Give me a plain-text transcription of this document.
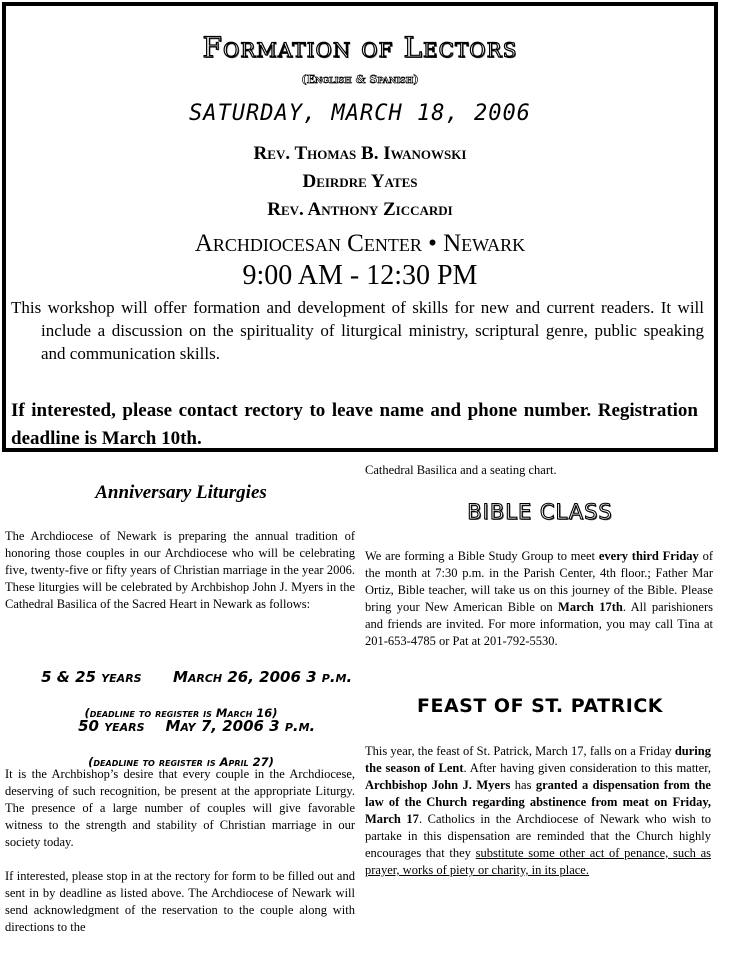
Formation of Lectors
(English & Spanish)
SATURDAY, MARCH 18, 2006
Rev. Thomas B. Iwanowski
Deirdre Yates
Rev. Anthony Ziccardi
Archdiocesan Center • Newark
9:00 AM - 12:30 PM
This workshop will offer formation and development of skills for new and current readers. It will include a discussion on the spirituality of liturgical ministry, scriptural genre, public speaking and communication skills.
If interested, please contact rectory to leave name and phone number. Registration deadline is March 10th.
Anniversary Liturgies
The Archdiocese of Newark is preparing the annual tradition of honoring those couples in our Archdiocese who will be celebrating five, twenty-five or fifty years of Christian marriage in the year 2006. These liturgies will be celebrated by Archbishop John J. Myers in the Cathedral Basilica of the Sacred Heart in Newark as follows:

5 & 25 years March 26, 2006 3 p.m.

(deadline to register is March 16)

50 years May 7, 2006 3 p.m.

(deadline to register is April 27)
It is the Archbishop’s desire that every couple in the Archdiocese, deserving of such recognition, be present at the appropriate Liturgy. The presence of a large number of couples will give favorable witness to the strength and stability of Christian marriage in our society today.
If interested, please stop in at the rectory for form to be filled out and sent in by deadline as listed above. The Archdiocese of Newark will send acknowledgment of the reservation to the couple along with directions to the
Cathedral Basilica and a seating chart.
BIBLE CLASS
We are forming a Bible Study Group to meet every third Friday of the month at 7:30 p.m. in the Parish Center, 4th floor.; Father Mar Ortiz, Bible teacher, will take us on this journey of the Bible. Please bring your New American Bible on March 17th. All parishioners and friends are invited. For more information, you may call Tina at 201-653-4785 or Pat at 201-792-5530.
FEAST OF ST. PATRICK
This year, the feast of St. Patrick, March 17, falls on a Friday during the season of Lent. After having given consideration to this matter, Archbishop John J. Myers has granted a dispensation from the law of the Church regarding abstinence from meat on Friday, March 17. Catholics in the Archdiocese of Newark who wish to partake in this dispensation are reminded that the Church highly encourages that they substitute some other act of penance, such as prayer, works of piety or charity, in its place.
